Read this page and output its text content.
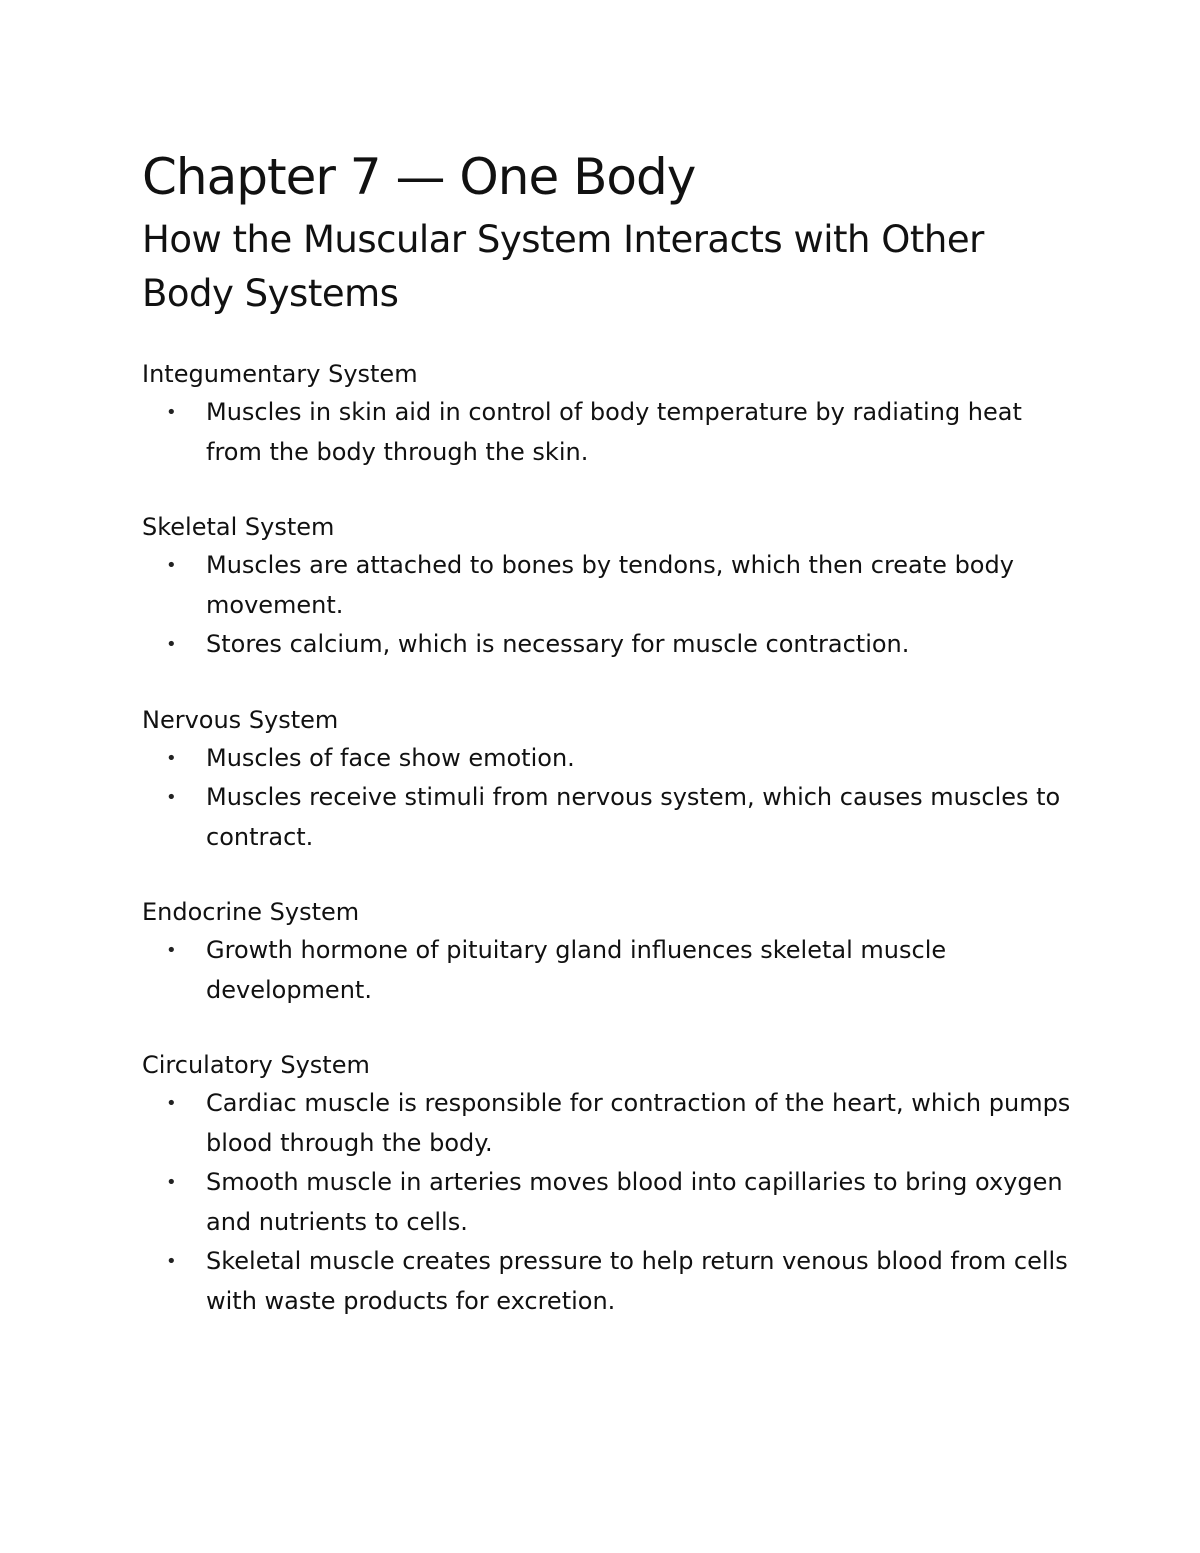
Chapter 7 — One Body
How the Muscular System Interacts with Other Body Systems
Integumentary System
• Muscles in skin aid in control of body temperature by radiating heat from the body through the skin.
Skeletal System
• Muscles are attached to bones by tendons, which then create body movement.
• Stores calcium, which is necessary for muscle contraction.
Nervous System
• Muscles of face show emotion.
• Muscles receive stimuli from nervous system, which causes muscles to contract.
Endocrine System
• Growth hormone of pituitary gland influences skeletal muscle development.
Circulatory System
• Cardiac muscle is responsible for contraction of the heart, which pumps blood through the body.
• Smooth muscle in arteries moves blood into capillaries to bring oxygen and nutrients to cells.
• Skeletal muscle creates pressure to help return venous blood from cells with waste products for excretion.
